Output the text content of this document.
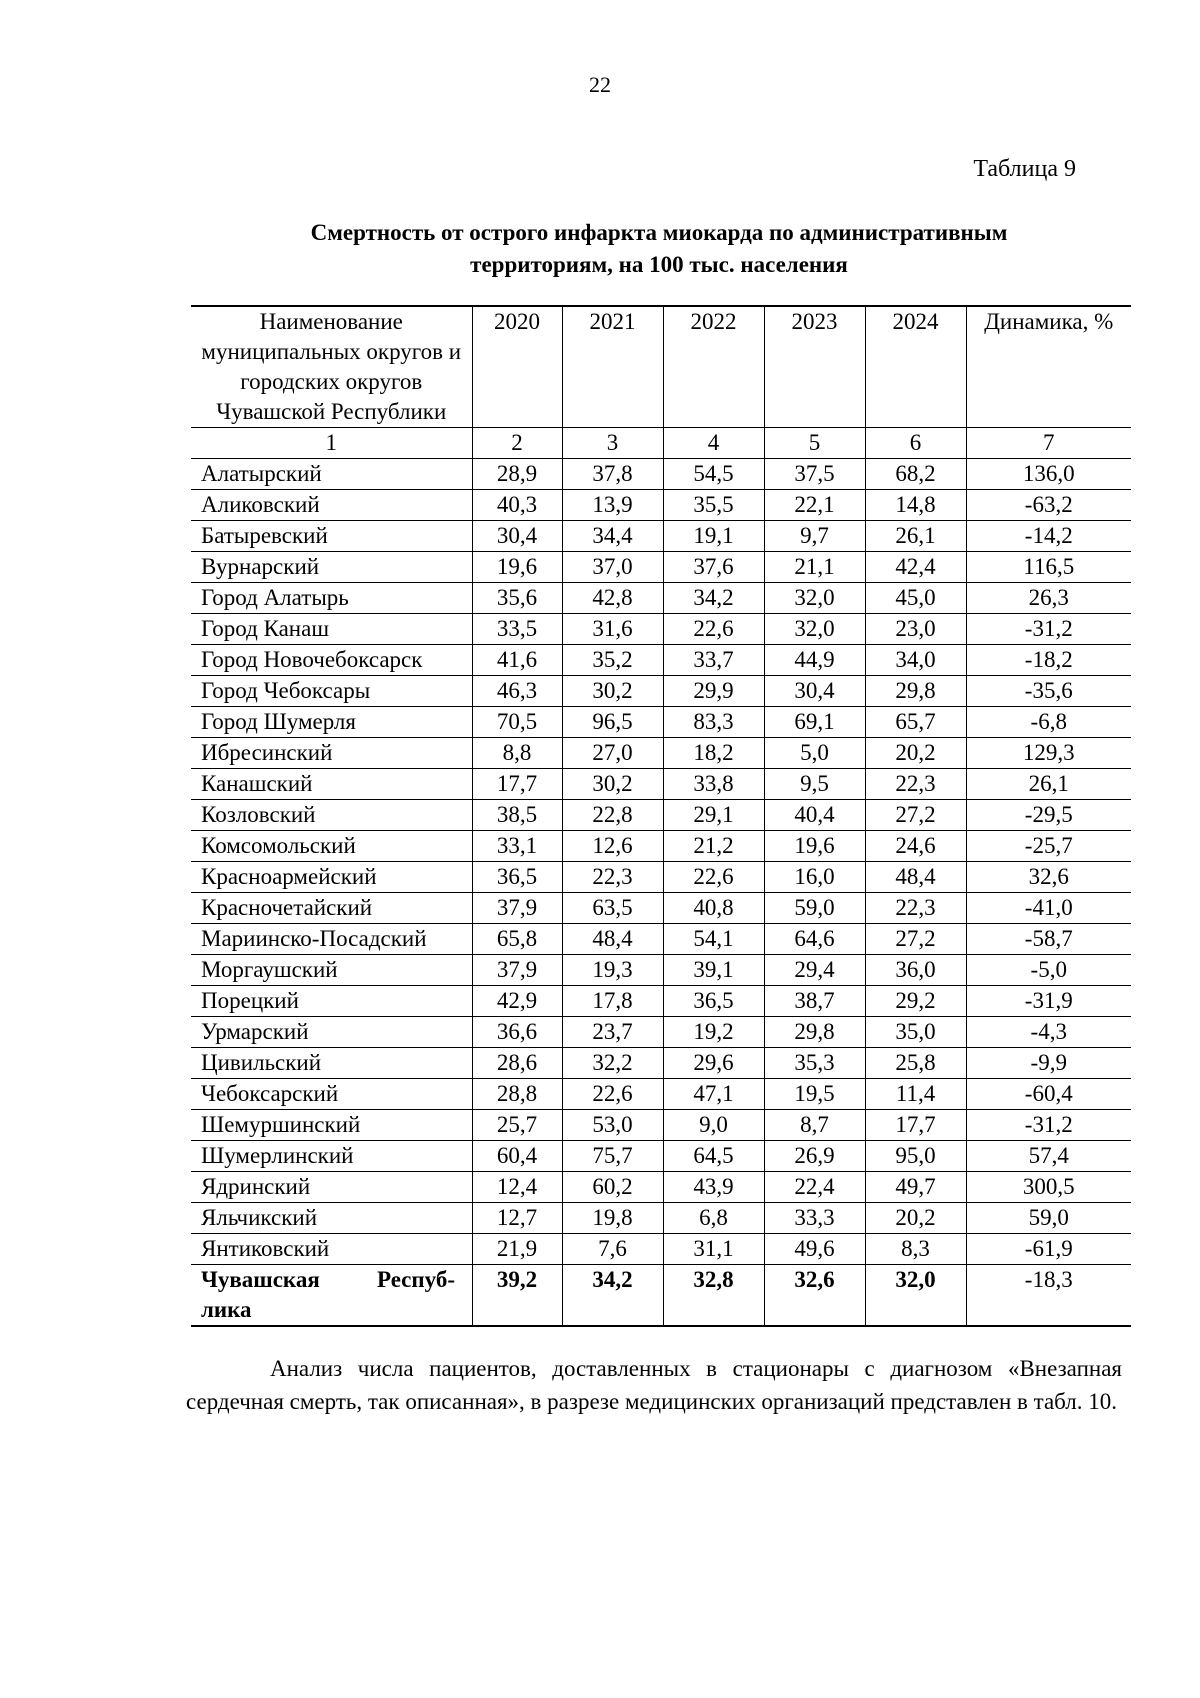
22
Таблица 9
Смертность от острого инфаркта миокарда по административным
территориям, на 100 тыс. населения
Наименование муниципальных округов и городских округов Чувашской Республики	2020	2021	2022	2023	2024	Динамика, %
1	2	3	4	5	6	7
Алатырский	28,9	37,8	54,5	37,5	68,2	136,0
Аликовский	40,3	13,9	35,5	22,1	14,8	-63,2
Батыревский	30,4	34,4	19,1	9,7	26,1	-14,2
Вурнарский	19,6	37,0	37,6	21,1	42,4	116,5
Город Алатырь	35,6	42,8	34,2	32,0	45,0	26,3
Город Канаш	33,5	31,6	22,6	32,0	23,0	-31,2
Город Новочебоксарск	41,6	35,2	33,7	44,9	34,0	-18,2
Город Чебоксары	46,3	30,2	29,9	30,4	29,8	-35,6
Город Шумерля	70,5	96,5	83,3	69,1	65,7	-6,8
Ибресинский	8,8	27,0	18,2	5,0	20,2	129,3
Канашский	17,7	30,2	33,8	9,5	22,3	26,1
Козловский	38,5	22,8	29,1	40,4	27,2	-29,5
Комсомольский	33,1	12,6	21,2	19,6	24,6	-25,7
Красноармейский	36,5	22,3	22,6	16,0	48,4	32,6
Красночетайский	37,9	63,5	40,8	59,0	22,3	-41,0
Мариинско-Посадский	65,8	48,4	54,1	64,6	27,2	-58,7
Моргаушский	37,9	19,3	39,1	29,4	36,0	-5,0
Порецкий	42,9	17,8	36,5	38,7	29,2	-31,9
Урмарский	36,6	23,7	19,2	29,8	35,0	-4,3
Цивильский	28,6	32,2	29,6	35,3	25,8	-9,9
Чебоксарский	28,8	22,6	47,1	19,5	11,4	-60,4
Шемуршинский	25,7	53,0	9,0	8,7	17,7	-31,2
Шумерлинский	60,4	75,7	64,5	26,9	95,0	57,4
Ядринский	12,4	60,2	43,9	22,4	49,7	300,5
Яльчикский	12,7	19,8	6,8	33,3	20,2	59,0
Янтиковский	21,9	7,6	31,1	49,6	8,3	-61,9

Чувашская Респуб-
лика	39,2	34,2	32,8	32,6	32,0	-18,3
Анализ числа пациентов, доставленных в стационары с диагнозом «Внезапная сердечная смерть, так описанная», в разрезе медицинских организаций представлен в табл. 10.
